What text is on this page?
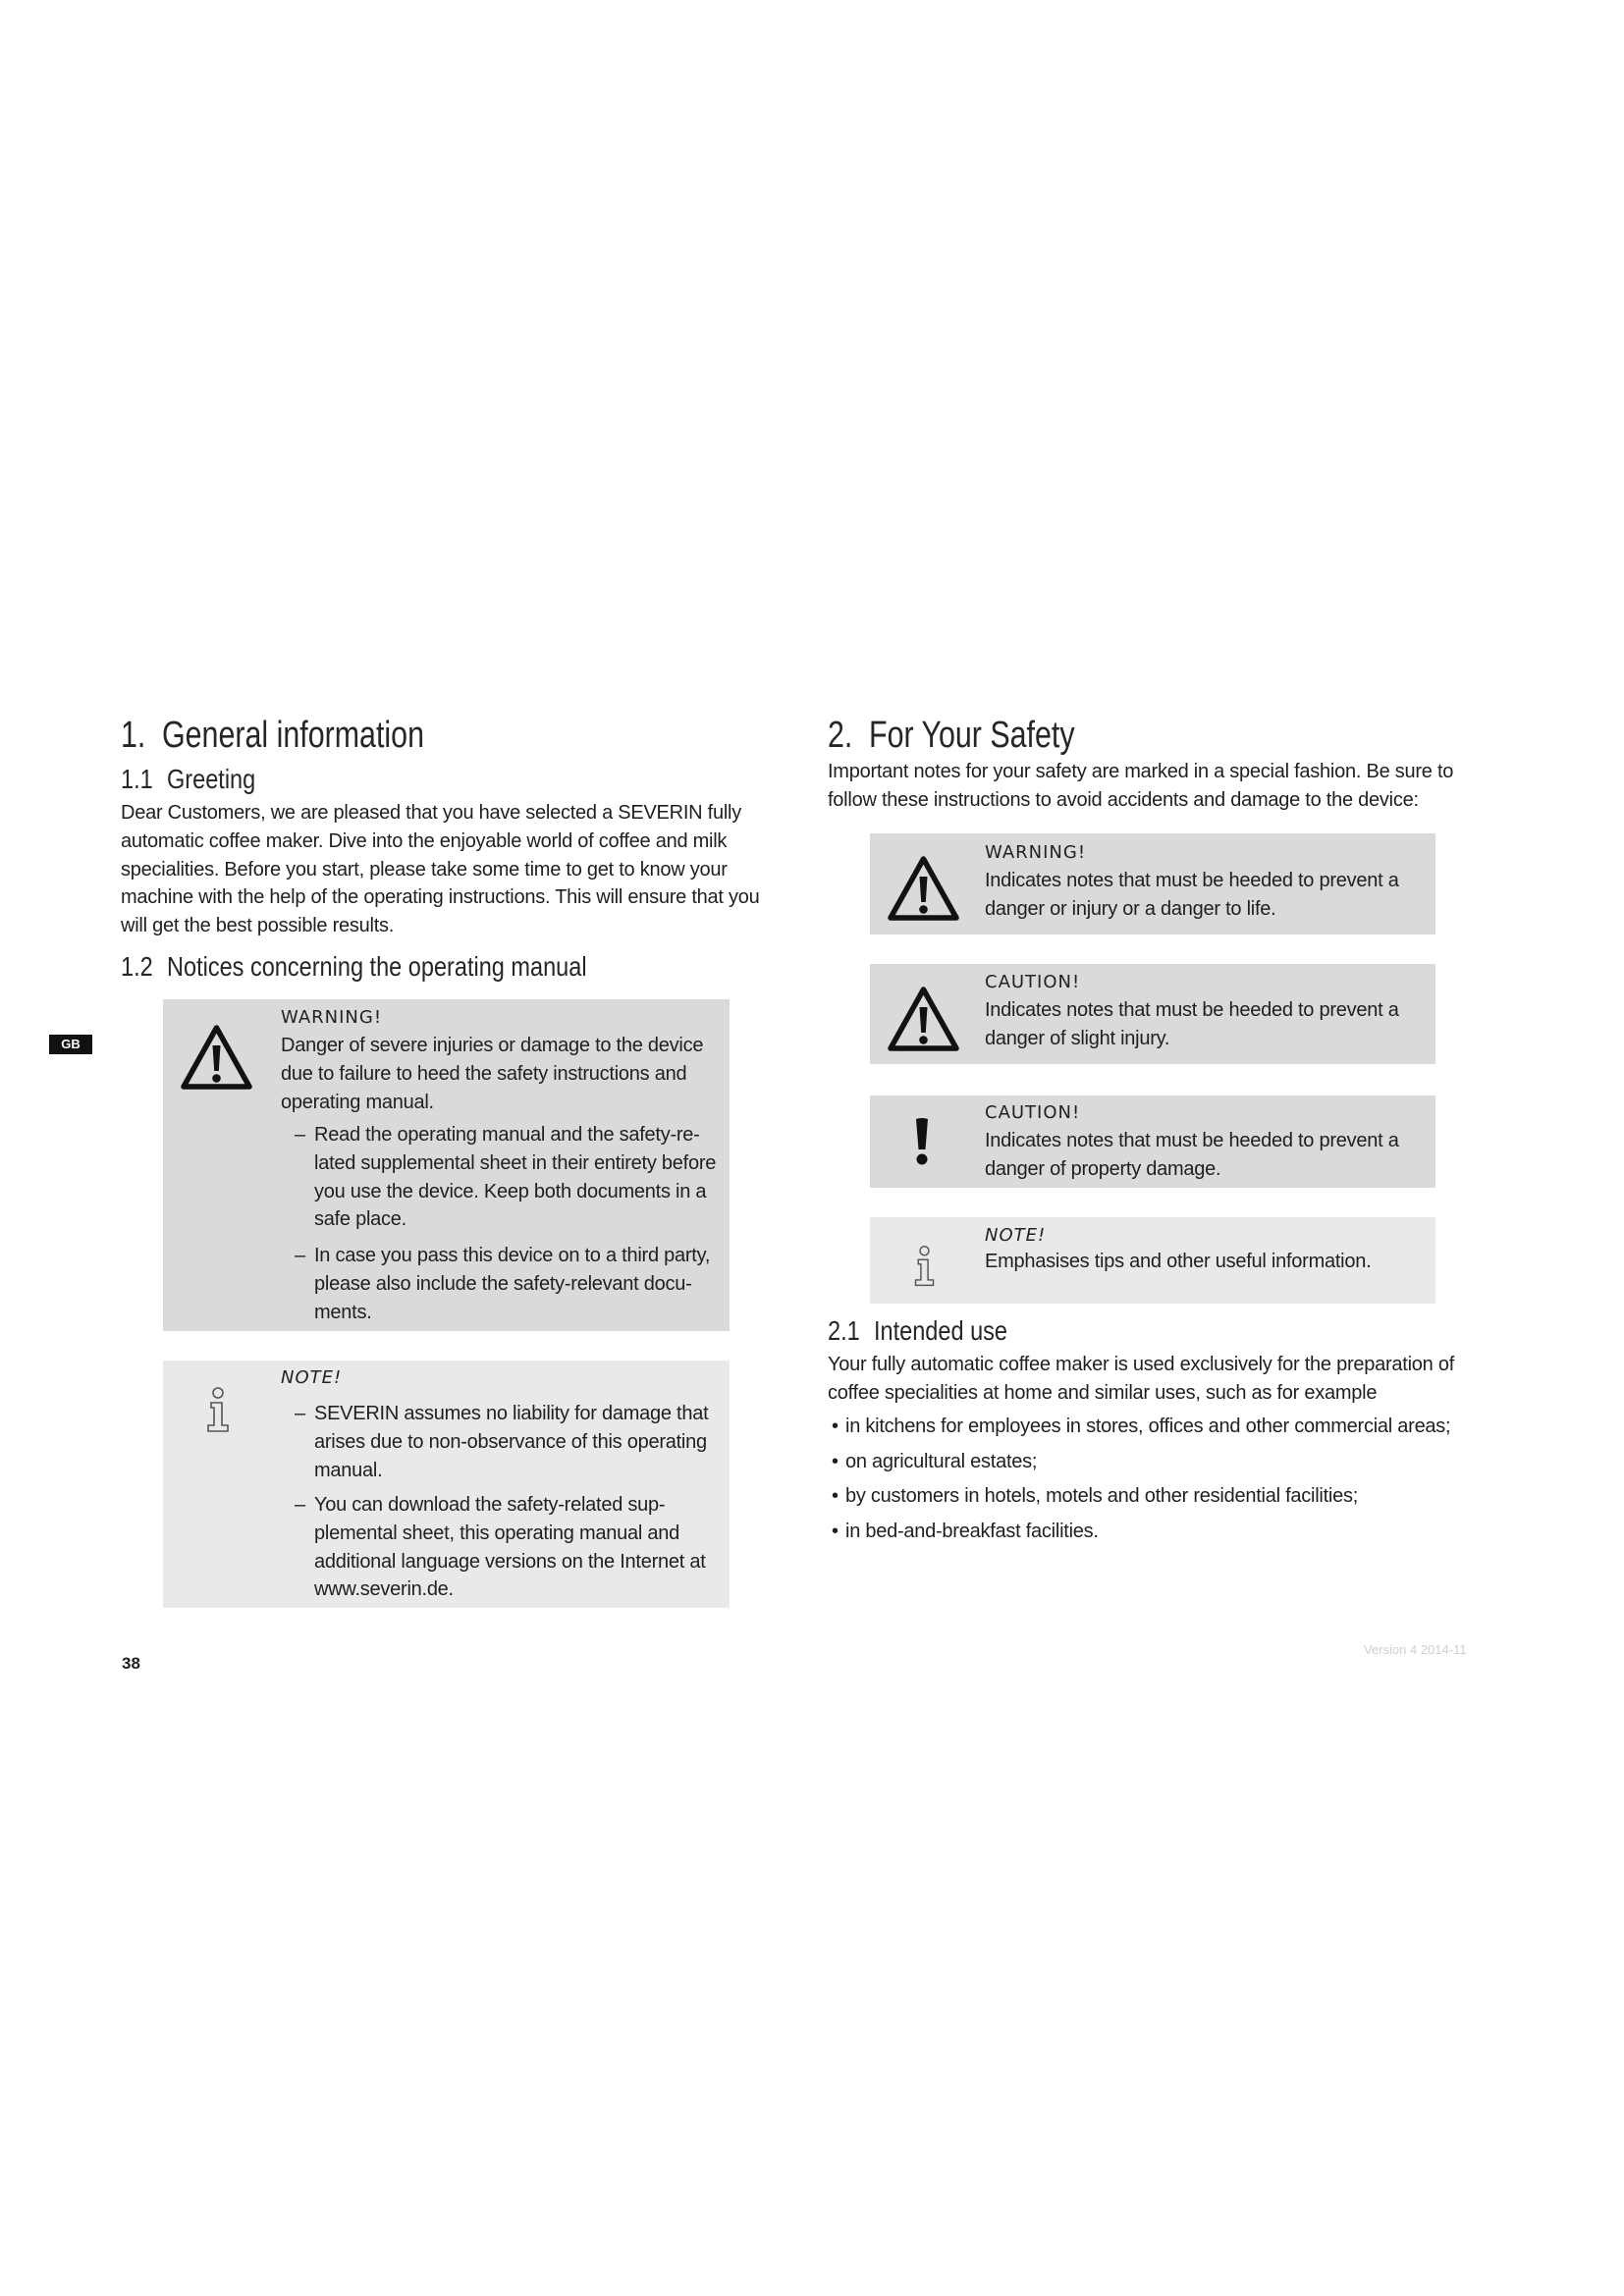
GB
1. General information
1.1 Greeting
Dear Customers, we are pleased that you have selected a SEVERIN fully
automatic coffee maker. Dive into the enjoyable world of coffee and milk
specialities. Before you start, please take some time to get to know your
machine with the help of the operating instructions. This will ensure that you
will get the best possible results.
1.2 Notices concerning the operating manual
WARNING!
Danger of severe injuries or damage to the device
due to failure to heed the safety instructions and
operating manual.
– Read the operating manual and the safety-re-
lated supplemental sheet in their entirety before
you use the device. Keep both documents in a
safe place.
– In case you pass this device on to a third party,
please also include the safety-relevant docu-
ments.
NOTE!
– SEVERIN assumes no liability for damage that
arises due to non-observance of this operating
manual.
– You can download the safety-related sup-
plemental sheet, this operating manual and
additional language versions on the Internet at
www.severin.de.
2. For Your Safety
Important notes for your safety are marked in a special fashion. Be sure to
follow these instructions to avoid accidents and damage to the device:
WARNING!
Indicates notes that must be heeded to prevent a
danger or injury or a danger to life.
CAUTION!
Indicates notes that must be heeded to prevent a
danger of slight injury.
CAUTION!
Indicates notes that must be heeded to prevent a
danger of property damage.
NOTE!
Emphasises tips and other useful information.
2.1 Intended use
Your fully automatic coffee maker is used exclusively for the preparation of
coffee specialities at home and similar uses, such as for example
• in kitchens for employees in stores, offices and other commercial areas;
• on agricultural estates;
• by customers in hotels, motels and other residential facilities;
• in bed-and-breakfast facilities.
38
Version 4 2014-11
